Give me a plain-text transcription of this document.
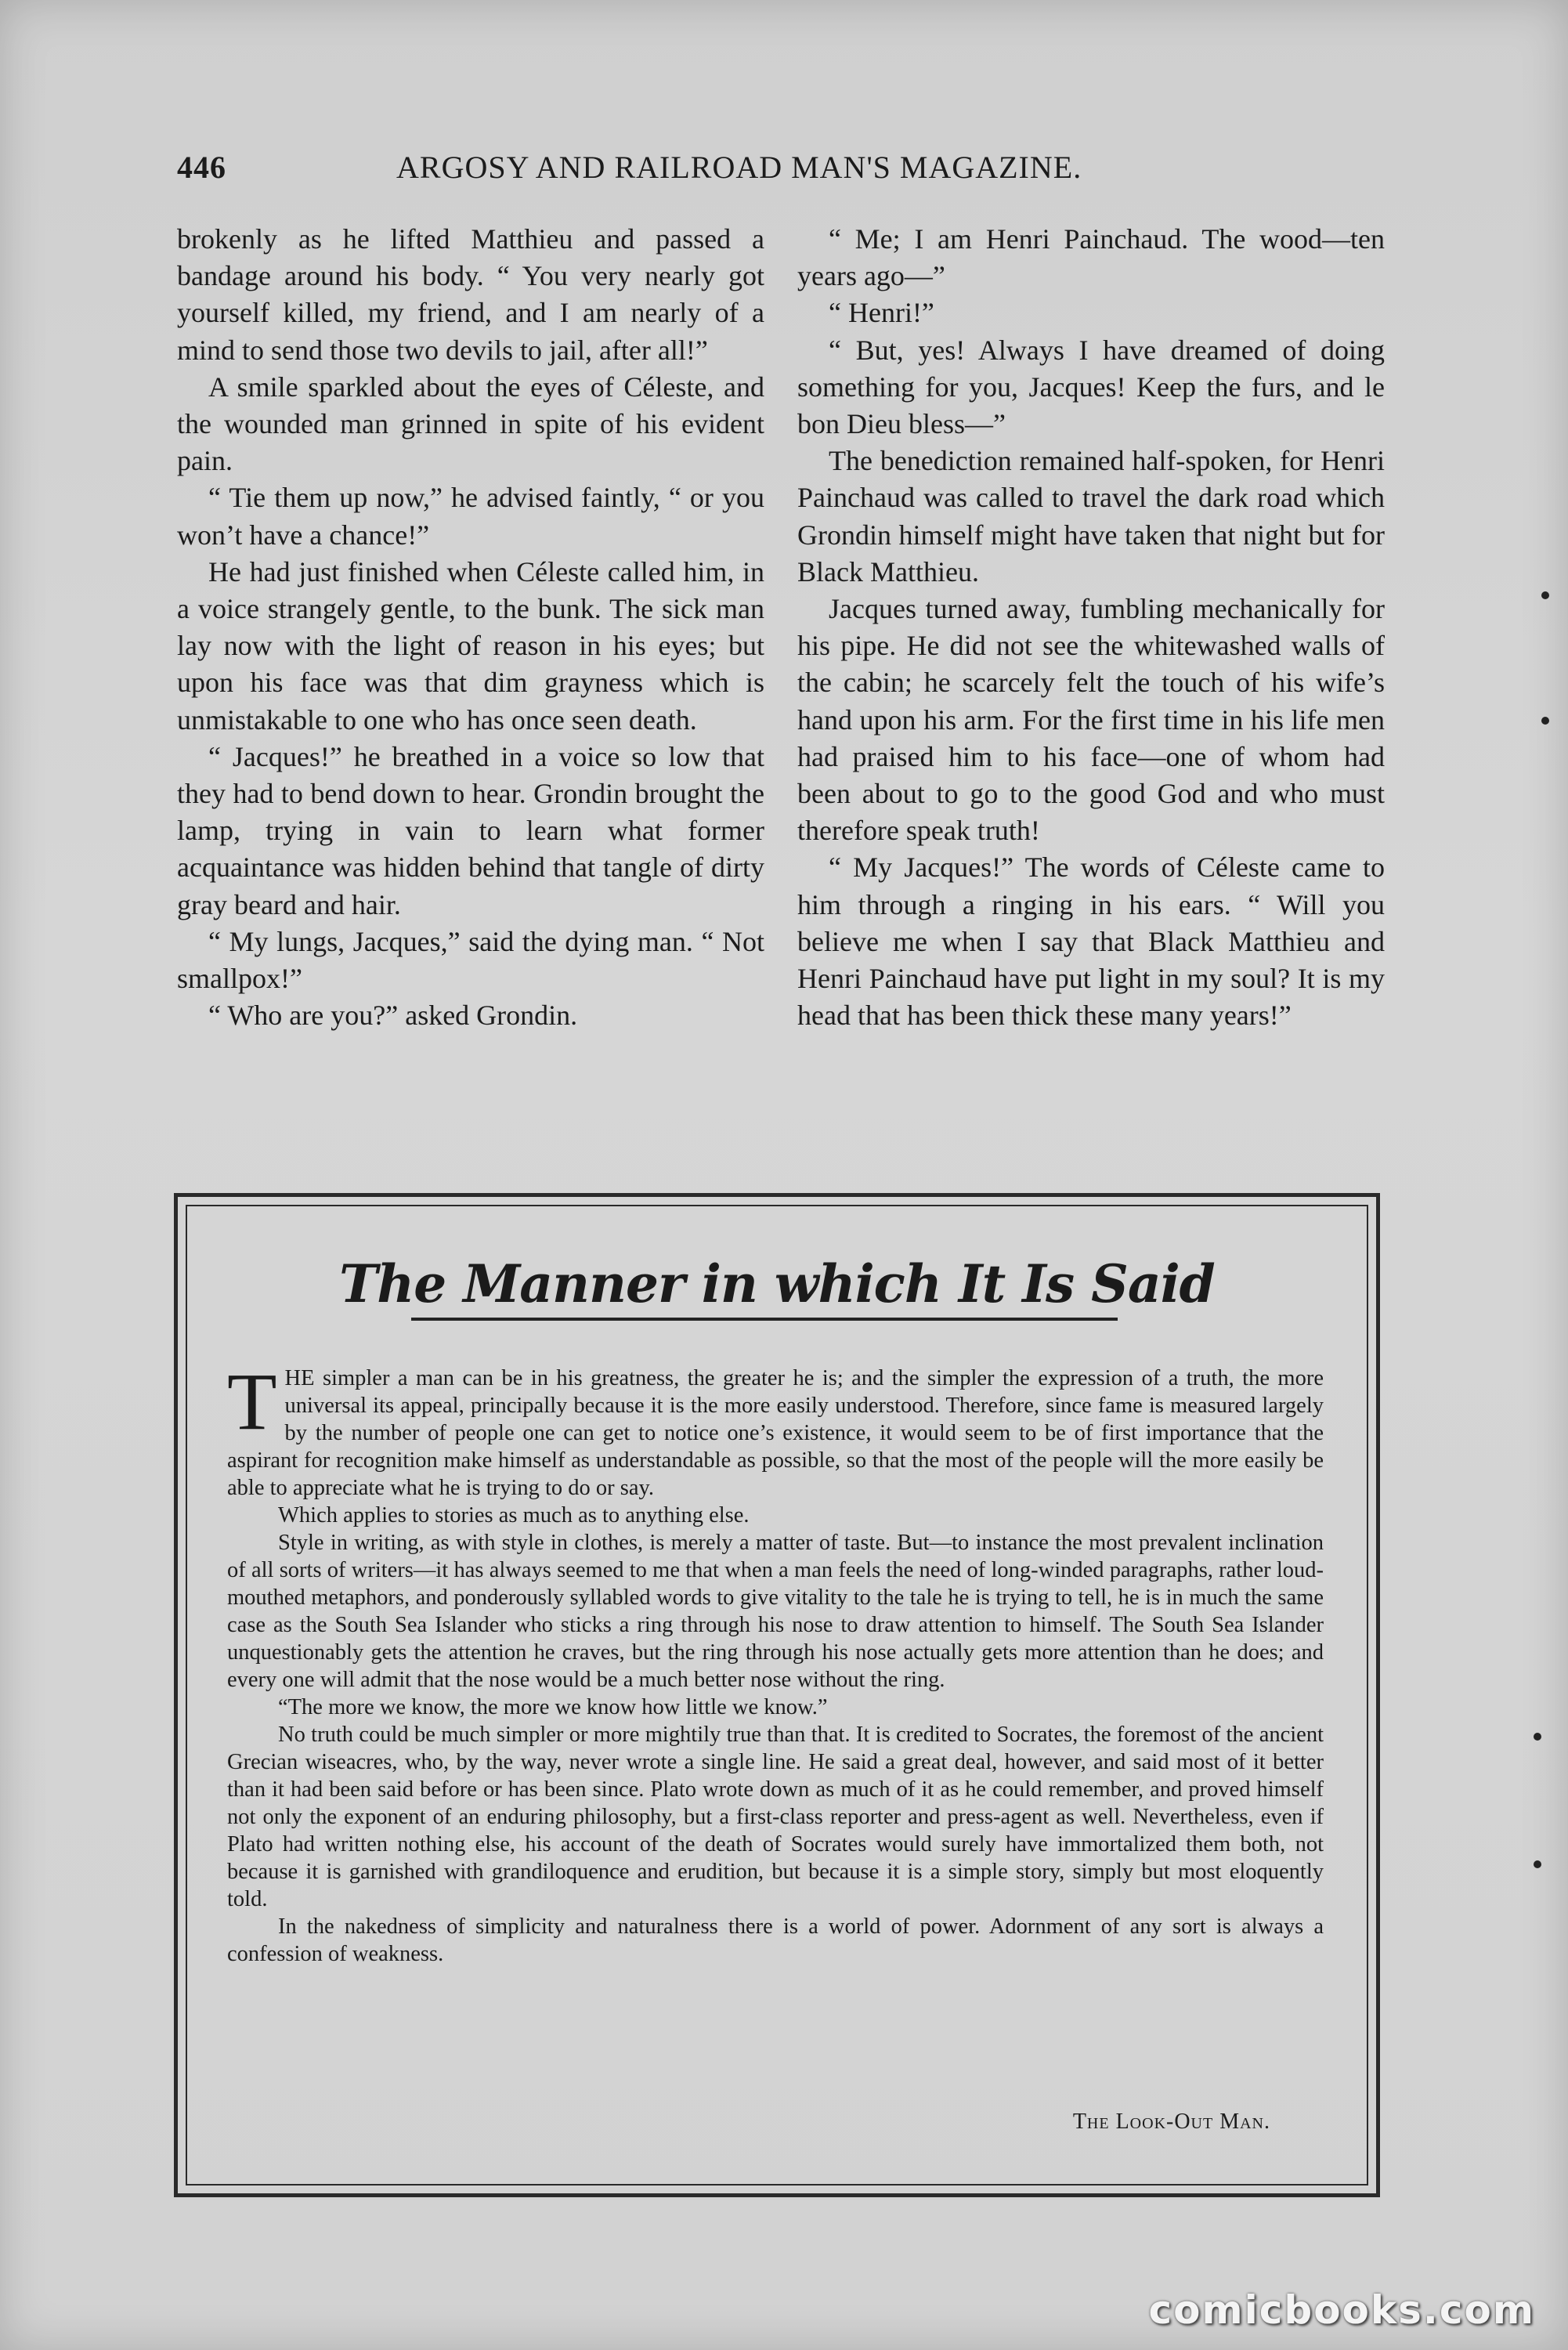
446	ARGOSY AND RAILROAD MAN'S MAGAZINE.

brokenly as he lifted Matthieu and passed a bandage around his body. “ You very nearly got yourself killed, my friend, and I am nearly of a mind to send those two devils to jail, after all!”

A smile sparkled about the eyes of Céleste, and the wounded man grinned in spite of his evident pain.

“ Tie them up now,” he advised faintly, “ or you won’t have a chance!”

He had just finished when Céleste called him, in a voice strangely gentle, to the bunk. The sick man lay now with the light of reason in his eyes; but upon his face was that dim grayness which is unmistakable to one who has once seen death.

“ Jacques!” he breathed in a voice so low that they had to bend down to hear. Grondin brought the lamp, trying in vain to learn what former acquaintance was hidden behind that tangle of dirty gray beard and hair.

“ My lungs, Jacques,” said the dying man. “ Not smallpox!”

“ Who are you?” asked Grondin.

“ Me; I am Henri Painchaud. The wood—ten years ago—”

“ Henri!”

“ But, yes! Always I have dreamed of doing something for you, Jacques! Keep the furs, and le bon Dieu bless—”

The benediction remained half-spoken, for Henri Painchaud was called to travel the dark road which Grondin himself might have taken that night but for Black Matthieu.

Jacques turned away, fumbling mechanically for his pipe. He did not see the whitewashed walls of the cabin; he scarcely felt the touch of his wife’s hand upon his arm. For the first time in his life men had praised him to his face—one of whom had been about to go to the good God and who must therefore speak truth!

“ My Jacques!” The words of Céleste came to him through a ringing in his ears. “ Will you believe me when I say that Black Matthieu and Henri Painchaud have put light in my soul? It is my head that has been thick these many years!”

The Manner in which It Is Said

THE simpler a man can be in his greatness, the greater he is; and the simpler the expression of a truth, the more universal its appeal, principally because it is the more easily understood. Therefore, since fame is measured largely by the number of people one can get to notice one’s existence, it would seem to be of first importance that the aspirant for recognition make himself as understandable as possible, so that the most of the people will the more easily be able to appreciate what he is trying to do or say.

Which applies to stories as much as to anything else.

Style in writing, as with style in clothes, is merely a matter of taste. But—to instance the most prevalent inclination of all sorts of writers—it has always seemed to me that when a man feels the need of long-winded paragraphs, rather loud-mouthed metaphors, and ponderously syllabled words to give vitality to the tale he is trying to tell, he is in much the same case as the South Sea Islander who sticks a ring through his nose to draw attention to himself. The South Sea Islander unquestionably gets the attention he craves, but the ring through his nose actually gets more attention than he does; and every one will admit that the nose would be a much better nose without the ring.

“The more we know, the more we know how little we know.”

No truth could be much simpler or more mightily true than that. It is credited to Socrates, the foremost of the ancient Grecian wiseacres, who, by the way, never wrote a single line. He said a great deal, however, and said most of it better than it had been said before or has been since. Plato wrote down as much of it as he could remember, and proved himself not only the exponent of an enduring philosophy, but a first-class reporter and press-agent as well. Nevertheless, even if Plato had written nothing else, his account of the death of Socrates would surely have immortalized them both, not because it is garnished with grandiloquence and erudition, but because it is a simple story, simply but most eloquently told.

In the nakedness of simplicity and naturalness there is a world of power. Adornment of any sort is always a confession of weakness.

The Look-Out Man.
comicbooks.com
